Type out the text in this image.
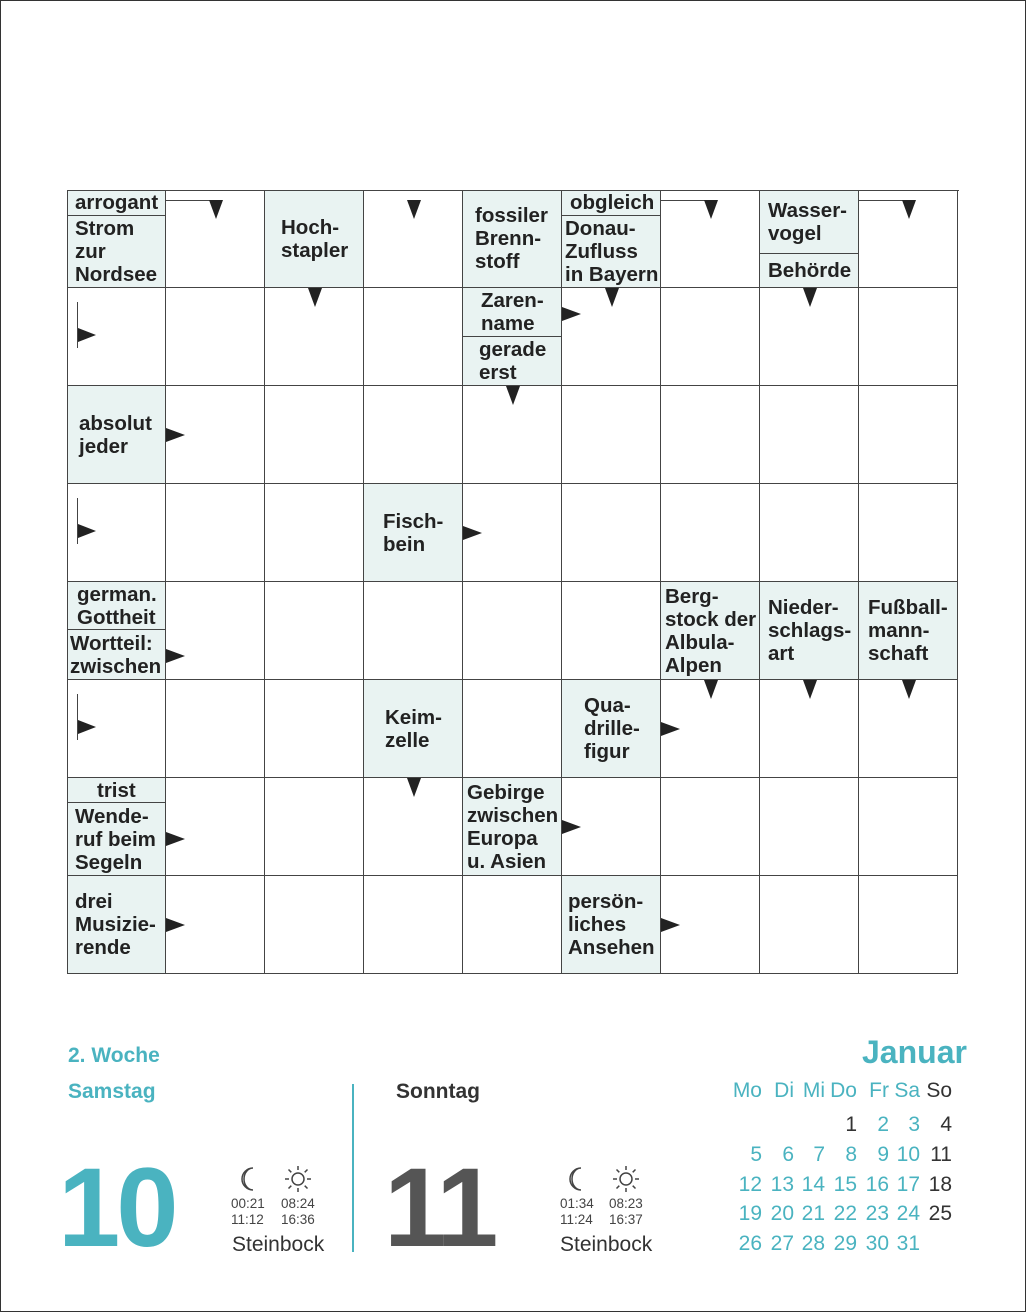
arrogant
Strom
zur
Nordsee
Hoch-
stapler
fossiler
Brenn-
stoff
obgleich
Donau-
Zufluss
in Bayern
Wasser-
vogel
Behörde
Zaren-
name
gerade
erst
absolut
jeder
Fisch-
bein
german.
Gottheit
Wortteil:
zwischen
Berg-
stock der
Albula-
Alpen
Nieder-
schlags-
art
Fußball-
mann-
schaft
Keim-
zelle
Qua-
drille-
figur
trist
Wende-
ruf beim
Segeln
Gebirge
zwischen
Europa
u. Asien
drei
Musizie-
rende
persön-
liches
Ansehen
2. Woche
Samstag
10	00:21
11:12
08:24
16:36
Steinbock
Sonntag
11	01:34
11:24
08:23
16:37
Steinbock
Januar
Mo Di Mi Do Fr Sa So
1 2 3 4
5 6 7 8 9 10 11
12 13 14 15 16 17 18
19 20 21 22 23 24 25
26 27 28 29 30 31
